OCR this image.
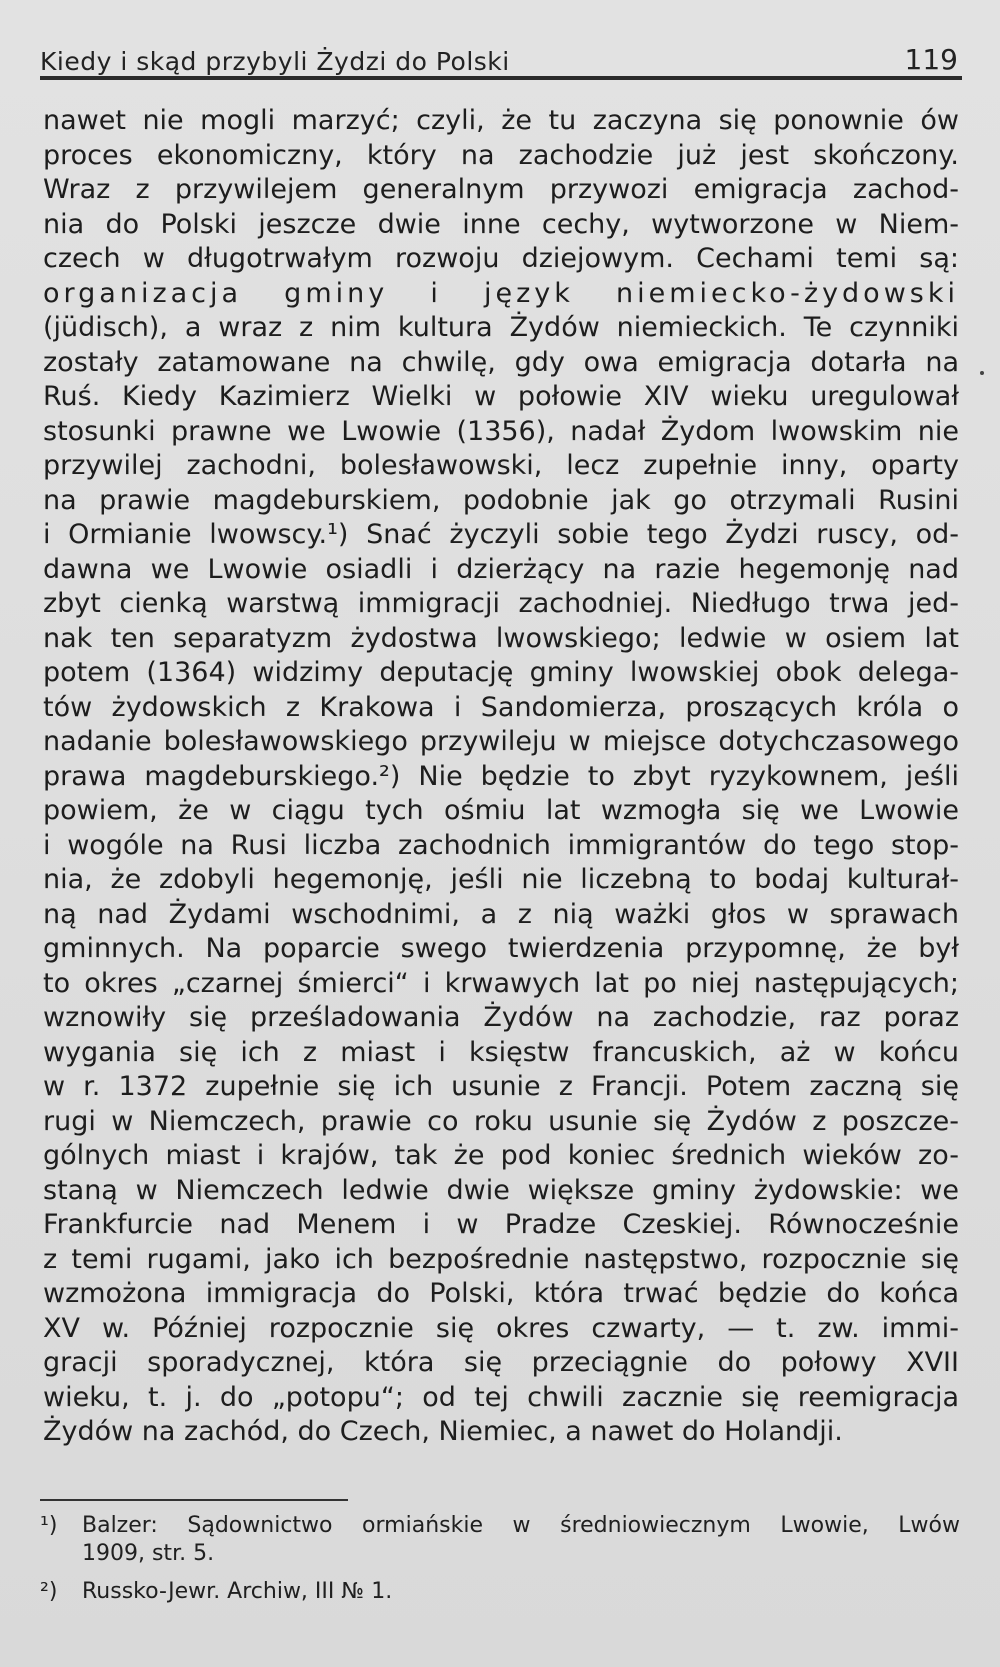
Kiedy i skąd przybyli Żydzi do Polski	119
nawet nie mogli marzyć; czyli, że tu zaczyna się ponownie ów
proces ekonomiczny, który na zachodzie już jest skończony.
Wraz z przywilejem generalnym przywozi emigracja zachod-
nia do Polski jeszcze dwie inne cechy, wytworzone w Niem-
czech w długotrwałym rozwoju dziejowym. Cechami temi są:
organizacja gminy i język niemiecko-żydowski
(jüdisch), a wraz z nim kultura Żydów niemieckich. Te czynniki
zostały zatamowane na chwilę, gdy owa emigracja dotarła na
Ruś. Kiedy Kazimierz Wielki w połowie XIV wieku uregulował
stosunki prawne we Lwowie (1356), nadał Żydom lwowskim nie
przywilej zachodni, bolesławowski, lecz zupełnie inny, oparty
na prawie magdeburskiem, podobnie jak go otrzymali Rusini
i Ormianie lwowscy.¹) Snać życzyli sobie tego Żydzi ruscy, od-
dawna we Lwowie osiadli i dzierżący na razie hegemonję nad
zbyt cienką warstwą immigracji zachodniej. Niedługo trwa jed-
nak ten separatyzm żydostwa lwowskiego; ledwie w osiem lat
potem (1364) widzimy deputację gminy lwowskiej obok delega-
tów żydowskich z Krakowa i Sandomierza, proszących króla o
nadanie bolesławowskiego przywileju w miejsce dotychczasowego
prawa magdeburskiego.²) Nie będzie to zbyt ryzykownem, jeśli
powiem, że w ciągu tych ośmiu lat wzmogła się we Lwowie
i wogóle na Rusi liczba zachodnich immigrantów do tego stop-
nia, że zdobyli hegemonję, jeśli nie liczebną to bodaj kulturał-
ną nad Żydami wschodnimi, a z nią ważki głos w sprawach
gminnych. Na poparcie swego twierdzenia przypomnę, że był
to okres „czarnej śmierci“ i krwawych lat po niej następujących;
wznowiły się prześladowania Żydów na zachodzie, raz poraz
wygania się ich z miast i księstw francuskich, aż w końcu
w r. 1372 zupełnie się ich usunie z Francji. Potem zaczną się
rugi w Niemczech, prawie co roku usunie się Żydów z poszcze-
gólnych miast i krajów, tak że pod koniec średnich wieków zo-
staną w Niemczech ledwie dwie większe gminy żydowskie: we
Frankfurcie nad Menem i w Pradze Czeskiej. Równocześnie
z temi rugami, jako ich bezpośrednie następstwo, rozpocznie się
wzmożona immigracja do Polski, która trwać będzie do końca
XV w. Później rozpocznie się okres czwarty, — t. zw. immi-
gracji sporadycznej, która się przeciągnie do połowy XVII
wieku, t. j. do „potopu“; od tej chwili zacznie się reemigracja
Żydów na zachód, do Czech, Niemiec, a nawet do Holandji.
¹)	Balzer: Sądownictwo ormiańskie w średniowiecznym Lwowie, Lwów
1909, str. 5.
²)	Russko-Jewr. Archiw, III № 1.
